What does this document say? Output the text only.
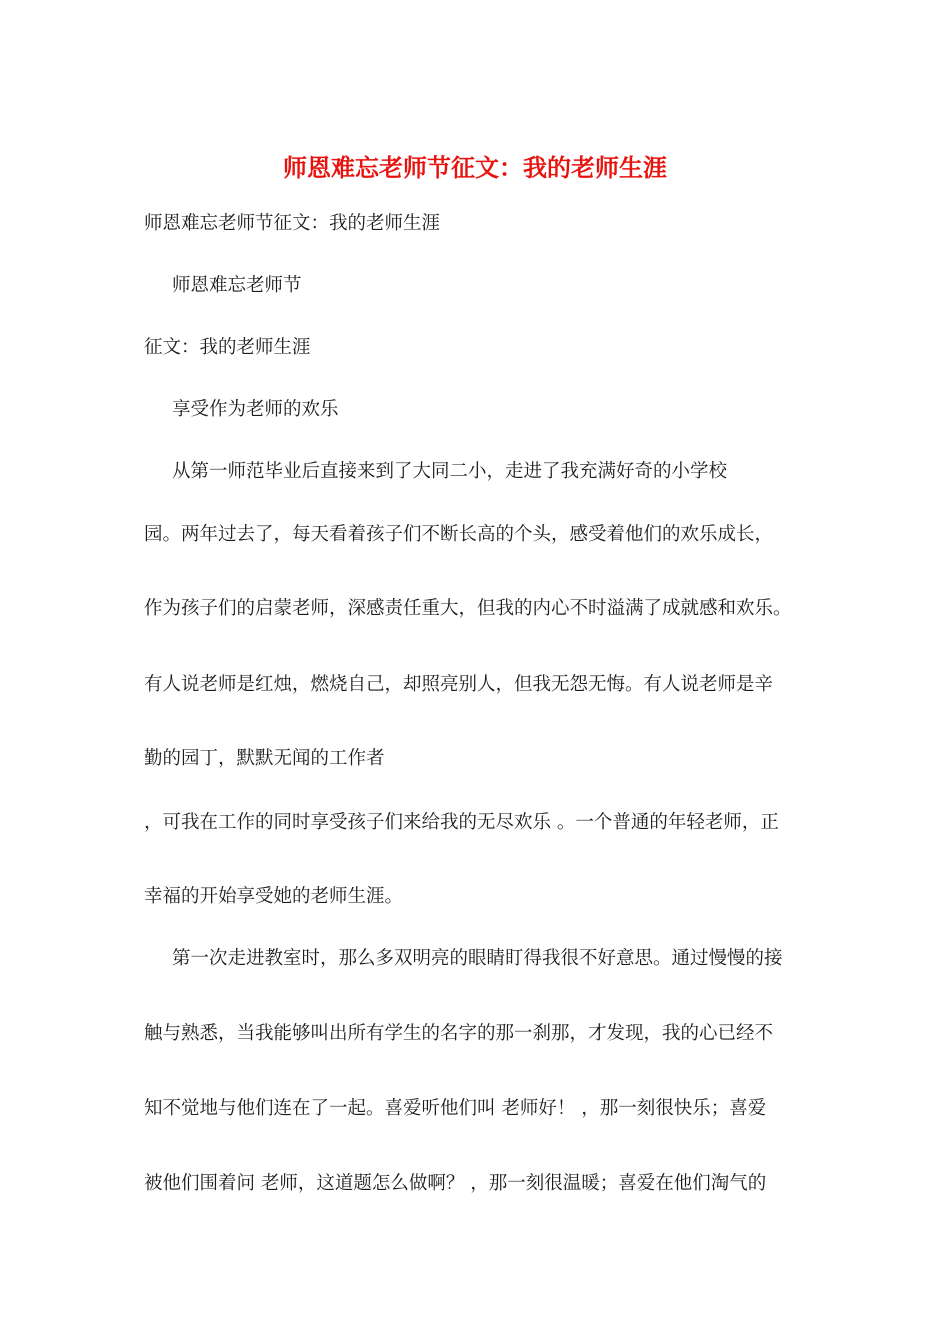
师恩难忘老师节征文：我的老师生涯

师恩难忘老师节征文：我的老师生涯

师恩难忘老师节

征文：我的老师生涯

享受作为老师的欢乐

从第一师范毕业后直接来到了大同二小，走进了我充满好奇的小学校

园。两年过去了，每天看着孩子们不断长高的个头，感受着他们的欢乐成长，

作为孩子们的启蒙老师，深感责任重大，但我的内心不时溢满了成就感和欢乐。

有人说老师是红烛，燃烧自己，却照亮别人，但我无怨无悔。有人说老师是辛

勤的园丁，默默无闻的工作者

，可我在工作的同时享受孩子们来给我的无尽欢乐 。一个普通的年轻老师，正

幸福的开始享受她的老师生涯。

第一次走进教室时，那么多双明亮的眼睛盯得我很不好意思。通过慢慢的接

触与熟悉，当我能够叫出所有学生的名字的那一刹那，才发现，我的心已经不

知不觉地与他们连在了一起。喜爱听他们叫 老师好！ ，那一刻很快乐；喜爱

被他们围着问 老师，这道题怎么做啊？ ，那一刻很温暖；喜爱在他们淘气的
